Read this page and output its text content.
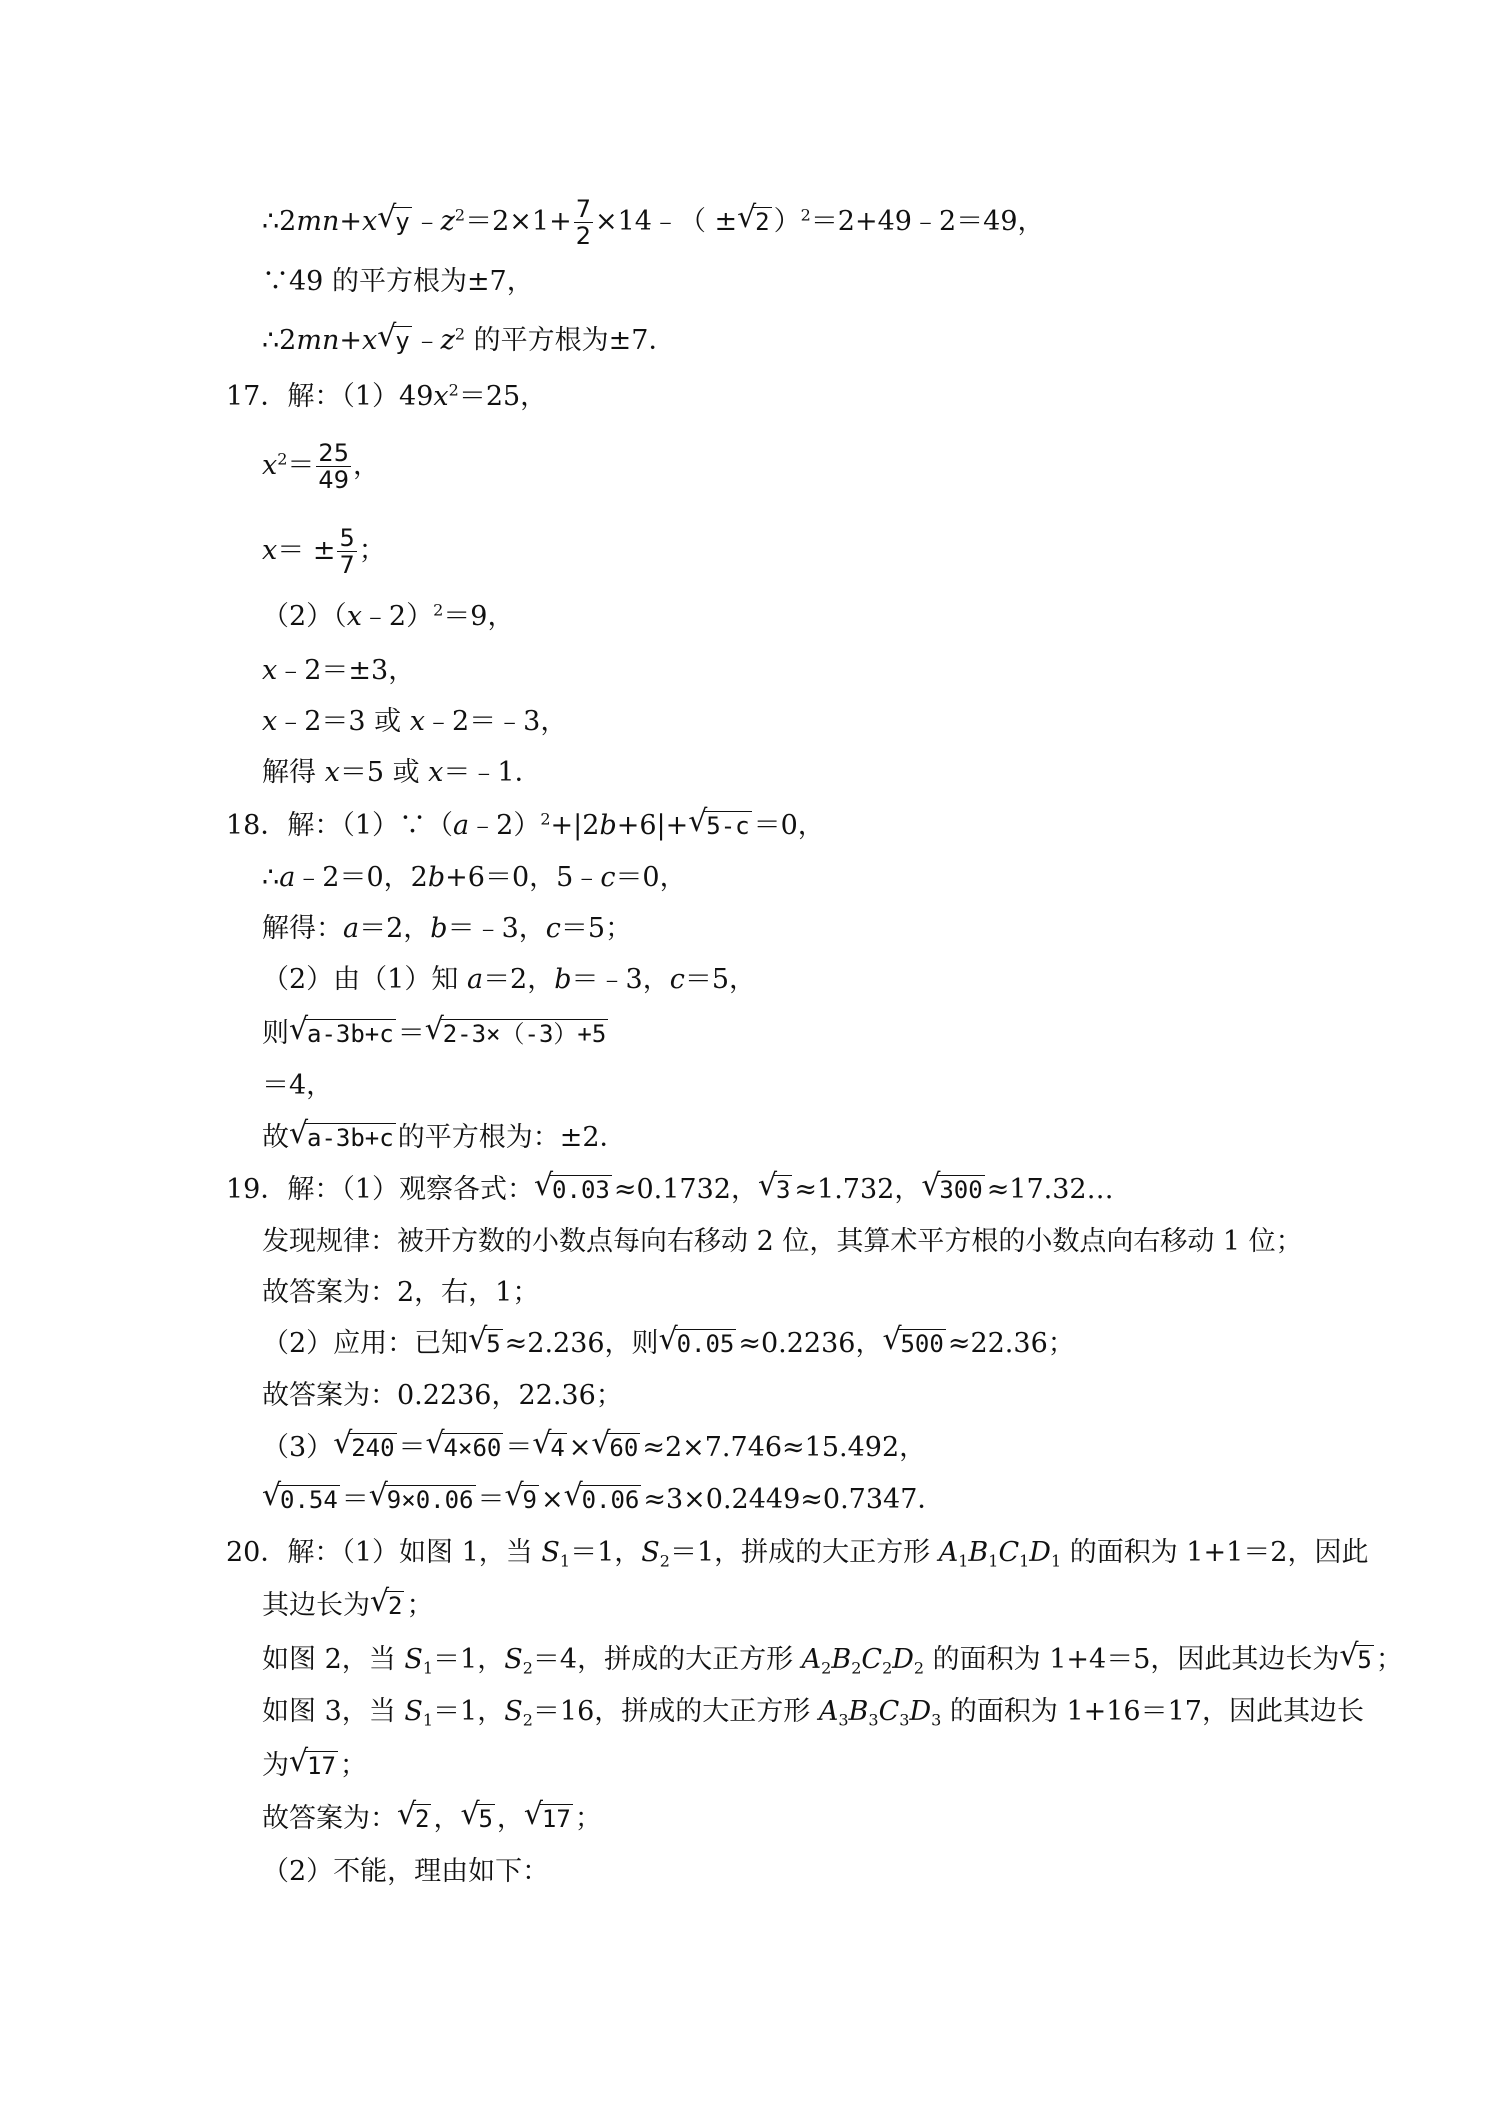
∴2mn+x √ y $﹣z^2=2\times 1+ \frac{7}{2}$ ×14﹣（ ± √ 2 ）$^2$＝2+49﹣2＝49，
∵49 的平方根为±7，
∴2mn+x √ y $﹣z^2$ 的平方根为±7．
17．解：$(1)49x^2=25$，
$x^2= \frac{25}{49}$ ，
$x= \pm \frac{5}{7}$ ；
（2）（x﹣2）$^2$＝9，
x﹣2＝±3，
x﹣2＝3 或 x﹣2＝﹣3，
解得 x＝5 或 x＝﹣1．
18．解：（1）∵（a﹣2）$^2$+|2b+6|+ √ 5-c ＝0，
∴a﹣2＝0，2b+6＝0，5﹣c＝0，
解得：a＝2，b＝﹣3，c＝5；
（2）由（1）知 a＝2，b＝﹣3，c＝5，
则 √ a-3b+c ＝ √ 2-3×（-3）+5
＝4，
故 √ a-3b+c 的平方根为：±2．
19．解：（1）观察各式： √ 0.03 ≈0.1732， √ 3 ≈1.732， √ 300 ≈17.32…
发现规律：被开方数的小数点每向右移动 2 位，其算术平方根的小数点向右移动 1 位；
故答案为：2，右，1；
（2）应用：已知 √ 5 ≈2.236，则 √ 0.05 ≈0.2236， √ 500 ≈22.36；
故答案为：0.2236，22.36；
（3） √ 240 ＝ √ 4×60 ＝ √ 4 × √ 60 ≈2×7.746≈15.492，
√ 0.54 ＝ √ 9×0.06 ＝ √ 9 × √ 0.06 ≈3×0.2449≈0.7347．
20．解：（1）如图 1，当 $S_1=1$，$S_2=1$，拼成的大正方形 $A_1B_1C_1D_1$ 的面积为 1+1＝2，因此
其边长为 √ 2 ；
如图 2，当 $S_1=1$，$S_2=4$，拼成的大正方形 $A_2B_2C_2D_2$ 的面积为 1+4＝5，因此其边长为 √ 5 ；
如图 3，当 $S_1=1$，$S_2=16$，拼成的大正方形 $A_3B_3C_3D_3$ 的面积为 1+16＝17，因此其边长
为 √ 17 ；
故答案为： √ 2 ， √ 5 ， √ 17 ；
（2）不能，理由如下：
